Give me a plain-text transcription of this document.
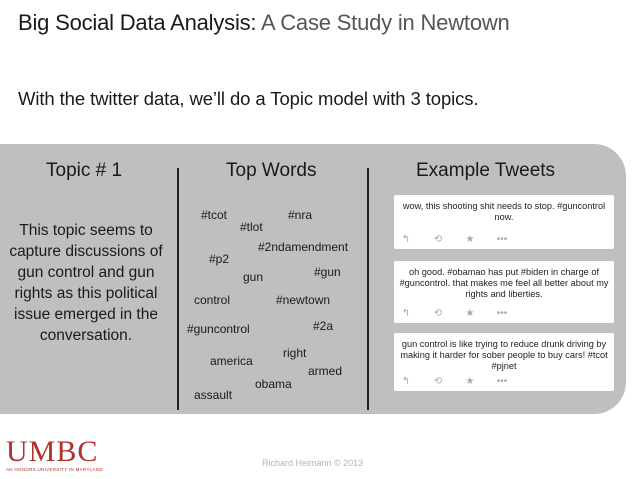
Big Social Data Analysis: A Case Study in Newtown
With the twitter data, we’ll do a Topic model with 3 topics.
Topic # 1	Top Words	Example Tweets
This topic seems to capture discussions of gun control and gun rights as this political issue emerged in the conversation.
#tcot	#nra
#tlot
#2ndamendment
#p2
#gun
gun
control	#newtown
#2a
#guncontrol
right
america
armed
obama
assault
wow, this shooting shit needs to stop. #guncontrol now.
↰ ⟲ ★ •••
oh good. #obamao has put #biden in charge of #guncontrol. that makes me feel all better about my rights and liberties.
↰ ⟲ ★ •••
gun control is like trying to reduce drunk driving by making it harder for sober people to buy cars! #tcot #pjnet
↰ ⟲ ★ •••
UMBC
AN HONORS UNIVERSITY IN MARYLAND
Richard Heimann © 2013
